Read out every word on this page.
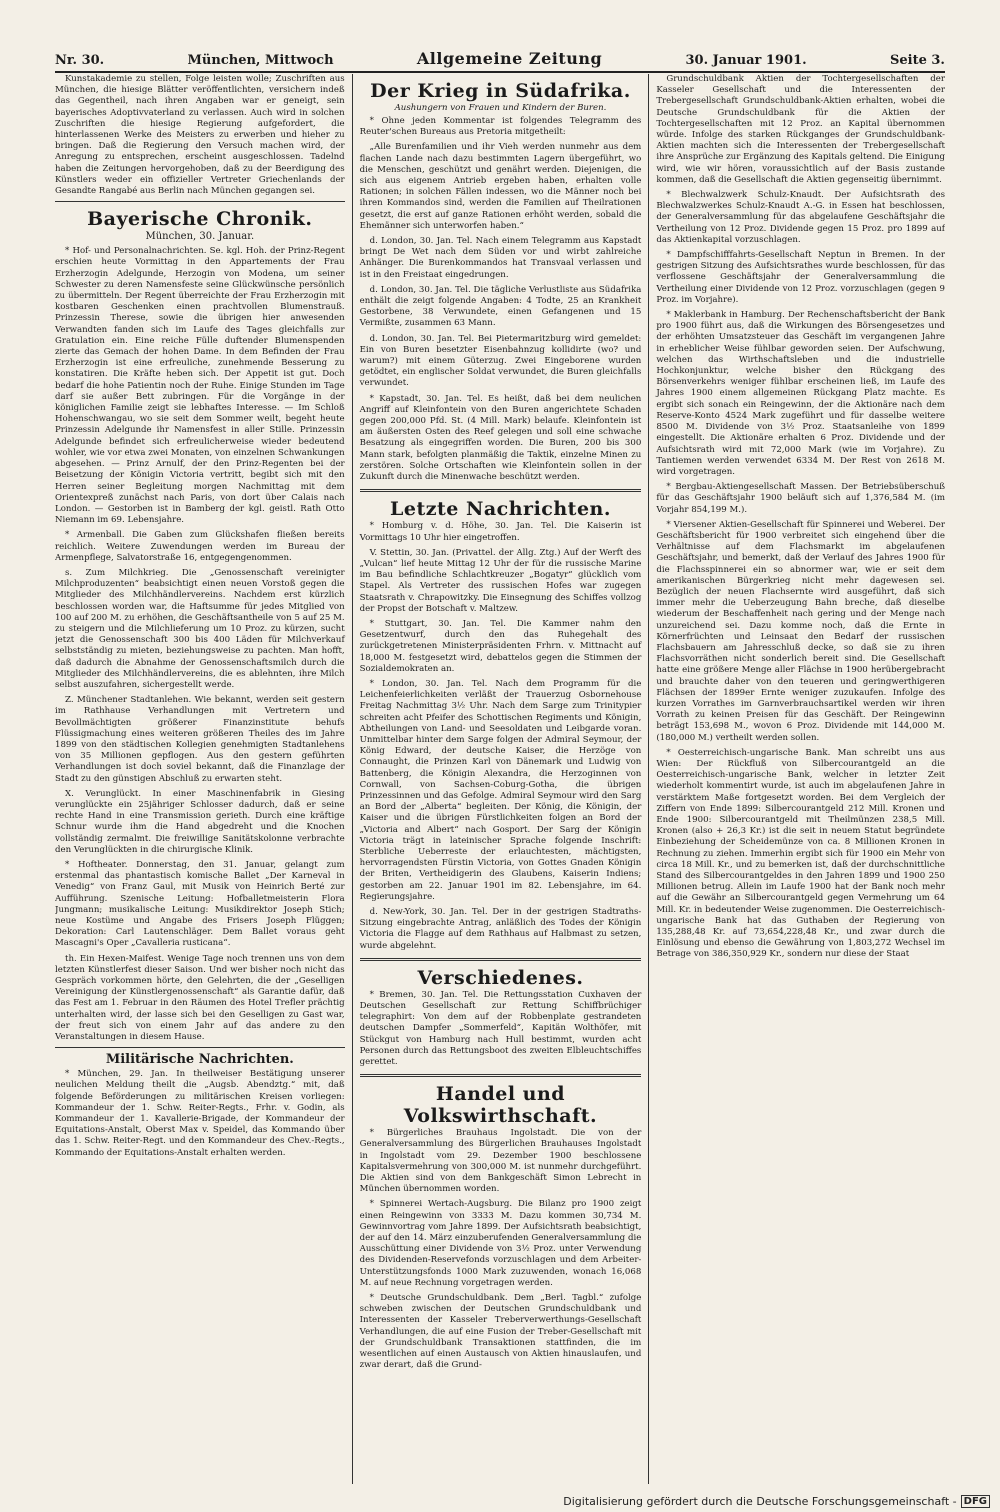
Nr. 30.	München, Mittwoch	Allgemeine Zeitung	30. Januar 1901.	Seite 3.

Kunstakademie zu stellen, Folge leisten wolle; Zuschriften aus München, die hiesige Blätter veröffentlichten, versichern indeß das Gegentheil, nach ihren Angaben war er geneigt, sein bayerisches Adoptivvaterland zu verlassen. Auch wird in solchen Zuschriften die hiesige Regierung aufgefordert, die hinterlassenen Werke des Meisters zu erwerben und hieher zu bringen. Daß die Regierung den Versuch machen wird, der Anregung zu entsprechen, erscheint ausgeschlossen. Tadelnd haben die Zeitungen hervorgehoben, daß zu der Beerdigung des Künstlers weder ein offizieller Vertreter Griechenlands der Gesandte Rangabé aus Berlin nach München gegangen sei.

Bayerische Chronik.
München, 30. Januar.

* Hof- und Personalnachrichten. Se. kgl. Hoh. der Prinz-Regent erschien heute Vormittag in den Appartements der Frau Erzherzogin Adelgunde, Herzogin von Modena, um seiner Schwester zu deren Namensfeste seine Glückwünsche persönlich zu übermitteln. Der Regent überreichte der Frau Erzherzogin mit kostbaren Geschenken einen prachtvollen Blumenstrauß. Prinzessin Therese, sowie die übrigen hier anwesenden Verwandten fanden sich im Laufe des Tages gleichfalls zur Gratulation ein. Eine reiche Fülle duftender Blumenspenden zierte das Gemach der hohen Dame. In dem Befinden der Frau Erzherzogin ist eine erfreuliche, zunehmende Besserung zu konstatiren. Die Kräfte heben sich. Der Appetit ist gut. Doch bedarf die hohe Patientin noch der Ruhe. Einige Stunden im Tage darf sie außer Bett zubringen. Für die Vorgänge in der königlichen Familie zeigt sie lebhaftes Interesse. — Im Schloß Hohenschwangau, wo sie seit dem Sommer weilt, begeht heute Prinzessin Adelgunde ihr Namensfest in aller Stille. Prinzessin Adelgunde befindet sich erfreulicherweise wieder bedeutend wohler, wie vor etwa zwei Monaten, von einzelnen Schwankungen abgesehen. — Prinz Arnulf, der den Prinz-Regenten bei der Beisetzung der Königin Victoria vertritt, begibt sich mit den Herren seiner Begleitung morgen Nachmittag mit dem Orientexpreß zunächst nach Paris, von dort über Calais nach London. — Gestorben ist in Bamberg der kgl. geistl. Rath Otto Niemann im 69. Lebensjahre.

* Armenball. Die Gaben zum Glückshafen fließen bereits reichlich. Weitere Zuwendungen werden im Bureau der Armenpflege, Salvatorstraße 16, entgegengenommen.

s. Zum Milchkrieg. Die „Genossenschaft vereinigter Milchproduzenten“ beabsichtigt einen neuen Vorstoß gegen die Mitglieder des Milchhändlervereins. Nachdem erst kürzlich beschlossen worden war, die Haftsumme für jedes Mitglied von 100 auf 200 M. zu erhöhen, die Geschäftsantheile von 5 auf 25 M. zu steigern und die Milchlieferung um 10 Proz. zu kürzen, sucht jetzt die Genossenschaft 300 bis 400 Läden für Milchverkauf selbstständig zu mieten, beziehungsweise zu pachten. Man hofft, daß dadurch die Abnahme der Genossenschaftsmilch durch die Mitglieder des Milchhändlervereins, die es ablehnten, ihre Milch selbst auszufahren, sichergestellt werde.

Z. Münchener Stadtanlehen. Wie bekannt, werden seit gestern im Rathhause Verhandlungen mit Vertretern und Bevollmächtigten größerer Finanzinstitute behufs Flüssigmachung eines weiteren größeren Theiles des im Jahre 1899 von den städtischen Kollegien genehmigten Stadtanlehens von 35 Millionen gepflogen. Aus den gestern geführten Verhandlungen ist doch soviel bekannt, daß die Finanzlage der Stadt zu den günstigen Abschluß zu erwarten steht.

X. Verunglückt. In einer Maschinenfabrik in Giesing verunglückte ein 25jähriger Schlosser dadurch, daß er seine rechte Hand in eine Transmission gerieth. Durch eine kräftige Schnur wurde ihm die Hand abgedreht und die Knochen vollständig zermalmt. Die freiwillige Sanitätskolonne verbrachte den Verunglückten in die chirurgische Klinik.

* Hoftheater. Donnerstag, den 31. Januar, gelangt zum erstenmal das phantastisch komische Ballet „Der Karneval in Venedig“ von Franz Gaul, mit Musik von Heinrich Berté zur Aufführung. Szenische Leitung: Hofballetmeisterin Flora Jungmann; musikalische Leitung: Musikdirektor Joseph Stich; neue Kostüme und Angabe des Frisers Joseph Flüggen; Dekoration: Carl Lautenschläger. Dem Ballet voraus geht Mascagni's Oper „Cavalleria rusticana“.

th. Ein Hexen-Maifest. Wenige Tage noch trennen uns von dem letzten Künstlerfest dieser Saison. Und wer bisher noch nicht das Gespräch vorkommen hörte, den Gelehrten, die der „Geselligen Vereinigung der Künstlergenossenschaft“ als Garantie dafür, daß das Fest am 1. Februar in den Räumen des Hotel Trefler prächtig unterhalten wird, der lasse sich bei den Geselligen zu Gast war, der freut sich von einem Jahr auf das andere zu den Veranstaltungen in diesem Hause.

Militärische Nachrichten.

* München, 29. Jan. In theilweiser Bestätigung unserer neulichen Meldung theilt die „Augsb. Abendztg.“ mit, daß folgende Beförderungen zu militärischen Kreisen vorliegen: Kommandeur der 1. Schw. Reiter-Regts., Frhr. v. Godin, als Kommandeur der 1. Kavallerie-Brigade, der Kommandeur der Equitations-Anstalt, Oberst Max v. Speidel, das Kommando über das 1. Schw. Reiter-Regt. und den Kommandeur des Chev.-Regts., Kommando der Equitations-Anstalt erhalten werden.

Der Krieg in Südafrika.
Aushungern von Frauen und Kindern der Buren.

* Ohne jeden Kommentar ist folgendes Telegramm des Reuter'schen Bureaus aus Pretoria mitgetheilt:

„Alle Burenfamilien und ihr Vieh werden nunmehr aus dem flachen Lande nach dazu bestimmten Lagern übergeführt, wo die Menschen, geschützt und genährt werden. Diejenigen, die sich aus eigenem Antrieb ergeben haben, erhalten volle Rationen; in solchen Fällen indessen, wo die Männer noch bei ihren Kommandos sind, werden die Familien auf Theilrationen gesetzt, die erst auf ganze Rationen erhöht werden, sobald die Ehemänner sich unterworfen haben.“

d. London, 30. Jan. Tel. Nach einem Telegramm aus Kapstadt bringt De Wet nach dem Süden vor und wirbt zahlreiche Anhänger. Die Burenkommandos hat Transvaal verlassen und ist in den Freistaat eingedrungen.

d. London, 30. Jan. Tel. Die tägliche Verlustliste aus Südafrika enthält die zeigt folgende Angaben: 4 Todte, 25 an Krankheit Gestorbene, 38 Verwundete, einen Gefangenen und 15 Vermißte, zusammen 63 Mann.

d. London, 30. Jan. Tel. Bei Pietermaritzburg wird gemeldet: Ein von Buren besetzter Eisenbahnzug kollidirte (wo? und warum?) mit einem Güterzug. Zwei Eingeborene wurden getödtet, ein englischer Soldat verwundet, die Buren gleichfalls verwundet.

* Kapstadt, 30. Jan. Tel. Es heißt, daß bei dem neulichen Angriff auf Kleinfontein von den Buren angerichtete Schaden gegen 200,000 Pfd. St. (4 Mill. Mark) belaufe. Kleinfontein ist am äußersten Osten des Reef gelegen und soll eine schwache Besatzung als eingegriffen worden. Die Buren, 200 bis 300 Mann stark, befolgten planmäßig die Taktik, einzelne Minen zu zerstören. Solche Ortschaften wie Kleinfontein sollen in der Zukunft durch die Minenwache beschützt werden.

Letzte Nachrichten.

* Homburg v. d. Höhe, 30. Jan. Tel. Die Kaiserin ist Vormittags 10 Uhr hier eingetroffen.

V. Stettin, 30. Jan. (Privattel. der Allg. Ztg.) Auf der Werft des „Vulcan“ lief heute Mittag 12 Uhr der für die russische Marine im Bau befindliche Schlachtkreuzer „Bogatyr“ glücklich vom Stapel. Als Vertreter des russischen Hofes war zugegen Staatsrath v. Chrapowitzky. Die Einsegnung des Schiffes vollzog der Propst der Botschaft v. Maltzew.

* Stuttgart, 30. Jan. Tel. Die Kammer nahm den Gesetzentwurf, durch den das Ruhegehalt des zurückgetretenen Ministerpräsidenten Frhrn. v. Mittnacht auf 18,000 M. festgesetzt wird, debattelos gegen die Stimmen der Sozialdemokraten an.

* London, 30. Jan. Tel. Nach dem Programm für die Leichenfeierlichkeiten verläßt der Trauerzug Osbornehouse Freitag Nachmittag 3½ Uhr. Nach dem Sarge zum Trinitypier schreiten acht Pfeifer des Schottischen Regiments und Königin, Abtheilungen von Land- und Seesoldaten und Leibgarde voran. Unmittelbar hinter dem Sarge folgen der Admiral Seymour, der König Edward, der deutsche Kaiser, die Herzöge von Connaught, die Prinzen Karl von Dänemark und Ludwig von Battenberg, die Königin Alexandra, die Herzoginnen von Cornwall, von Sachsen-Coburg-Gotha, die übrigen Prinzessinnen und das Gefolge. Admiral Seymour wird den Sarg an Bord der „Alberta“ begleiten. Der König, die Königin, der Kaiser und die übrigen Fürstlichkeiten folgen an Bord der „Victoria and Albert“ nach Gosport. Der Sarg der Königin Victoria trägt in lateinischer Sprache folgende Inschrift: Sterbliche Ueberreste der erlauchtesten, mächtigsten, hervorragendsten Fürstin Victoria, von Gottes Gnaden Königin der Briten, Vertheidigerin des Glaubens, Kaiserin Indiens; gestorben am 22. Januar 1901 im 82. Lebensjahre, im 64. Regierungsjahre.

d. New-York, 30. Jan. Tel. Der in der gestrigen Stadtraths-Sitzung eingebrachte Antrag, anläßlich des Todes der Königin Victoria die Flagge auf dem Rathhaus auf Halbmast zu setzen, wurde abgelehnt.

Verschiedenes.

* Bremen, 30. Jan. Tel. Die Rettungsstation Cuxhaven der Deutschen Gesellschaft zur Rettung Schiffbrüchiger telegraphirt: Von dem auf der Robbenplate gestrandeten deutschen Dampfer „Sommerfeld“, Kapitän Wolthöfer, mit Stückgut von Hamburg nach Hull bestimmt, wurden acht Personen durch das Rettungsboot des zweiten Elbleuchtschiffes gerettet.

Handel und Volkswirthschaft.

* Bürgerliches Brauhaus Ingolstadt. Die von der Generalversammlung des Bürgerlichen Brauhauses Ingolstadt in Ingolstadt vom 29. Dezember 1900 beschlossene Kapitalsvermehrung von 300,000 M. ist nunmehr durchgeführt. Die Aktien sind von dem Bankgeschäft Simon Lebrecht in München übernommen worden.

* Spinnerei Wertach-Augsburg. Die Bilanz pro 1900 zeigt einen Reingewinn von 3333 M. Dazu kommen 30,734 M. Gewinnvortrag vom Jahre 1899. Der Aufsichtsrath beabsichtigt, der auf den 14. März einzuberufenden Generalversammlung die Ausschüttung einer Dividende von 3½ Proz. unter Verwendung des Dividenden-Reservefonds vorzuschlagen und dem Arbeiter-Unterstützungsfonds 1000 Mark zuzuwenden, wonach 16,068 M. auf neue Rechnung vorgetragen werden.

* Deutsche Grundschuldbank. Dem „Berl. Tagbl.“ zufolge schweben zwischen der Deutschen Grundschuldbank und Interessenten der Kasseler Treberverwerthungs-Gesellschaft Verhandlungen, die auf eine Fusion der Treber-Gesellschaft mit der Grundschuldbank Transaktionen stattfinden, die im wesentlichen auf einen Austausch von Aktien hinauslaufen, und zwar derart, daß die Grund-

Grundschuldbank Aktien der Tochtergesellschaften der Kasseler Gesellschaft und die Interessenten der Trebergesellschaft Grundschuldbank-Aktien erhalten, wobei die Deutsche Grundschuldbank für die Aktien der Tochtergesellschaften mit 12 Proz. an Kapital übernommen würde. Infolge des starken Rückganges der Grundschuldbank-Aktien machten sich die Interessenten der Trebergesellschaft ihre Ansprüche zur Ergänzung des Kapitals geltend. Die Einigung wird, wie wir hören, voraussichtlich auf der Basis zustande kommen, daß die Gesellschaft die Aktien gegenseitig übernimmt.

* Blechwalzwerk Schulz-Knaudt. Der Aufsichtsrath des Blechwalzwerkes Schulz-Knaudt A.-G. in Essen hat beschlossen, der Generalversammlung für das abgelaufene Geschäftsjahr die Vertheilung von 12 Proz. Dividende gegen 15 Proz. pro 1899 auf das Aktienkapital vorzuschlagen.

* Dampfschifffahrts-Gesellschaft Neptun in Bremen. In der gestrigen Sitzung des Aufsichtsrathes wurde beschlossen, für das verflossene Geschäftsjahr der Generalversammlung die Vertheilung einer Dividende von 12 Proz. vorzuschlagen (gegen 9 Proz. im Vorjahre).

* Maklerbank in Hamburg. Der Rechenschaftsbericht der Bank pro 1900 führt aus, daß die Wirkungen des Börsengesetzes und der erhöhten Umsatzsteuer das Geschäft im vergangenen Jahre in erheblicher Weise fühlbar geworden seien. Der Aufschwung, welchen das Wirthschaftsleben und die industrielle Hochkonjunktur, welche bisher den Rückgang des Börsenverkehrs weniger fühlbar erscheinen ließ, im Laufe des Jahres 1900 einem allgemeinen Rückgang Platz machte. Es ergibt sich sonach ein Reingewinn, der die Aktionäre nach dem Reserve-Konto 4524 Mark zugeführt und für dasselbe weitere 8500 M. Dividende von 3½ Proz. Staatsanleihe von 1899 eingestellt. Die Aktionäre erhalten 6 Proz. Dividende und der Aufsichtsrath wird mit 72,000 Mark (wie im Vorjahre). Zu Tantiemen werden verwendet 6334 M. Der Rest von 2618 M. wird vorgetragen.

* Bergbau-Aktiengesellschaft Massen. Der Betriebsüberschuß für das Geschäftsjahr 1900 beläuft sich auf 1,376,584 M. (im Vorjahr 854,199 M.).

* Viersener Aktien-Gesellschaft für Spinnerei und Weberei. Der Geschäftsbericht für 1900 verbreitet sich eingehend über die Verhältnisse auf dem Flachsmarkt im abgelaufenen Geschäftsjahr, und bemerkt, daß der Verlauf des Jahres 1900 für die Flachsspinnerei ein so abnormer war, wie er seit dem amerikanischen Bürgerkrieg nicht mehr dagewesen sei. Bezüglich der neuen Flachsernte wird ausgeführt, daß sich immer mehr die Ueberzeugung Bahn breche, daß dieselbe wiederum der Beschaffenheit nach gering und der Menge nach unzureichend sei. Dazu komme noch, daß die Ernte in Körnerfrüchten und Leinsaat den Bedarf der russischen Flachsbauern am Jahresschluß decke, so daß sie zu ihren Flachsvorräthen nicht sonderlich bereit sind. Die Gesellschaft hatte eine größere Menge aller Flächse in 1900 herübergebracht und brauchte daher von den teueren und geringwerthigeren Flächsen der 1899er Ernte weniger zuzukaufen. Infolge des kurzen Vorrathes im Garnverbrauchsartikel werden wir ihren Vorrath zu keinen Preisen für das Geschäft. Der Reingewinn beträgt 153,698 M., wovon 6 Proz. Dividende mit 144,000 M. (180,000 M.) vertheilt werden sollen.

* Oesterreichisch-ungarische Bank. Man schreibt uns aus Wien: Der Rückfluß von Silbercourantgeld an die Oesterreichisch-ungarische Bank, welcher in letzter Zeit wiederholt kommentirt wurde, ist auch im abgelaufenen Jahre in verstärktem Maße fortgesetzt worden. Bei dem Vergleich der Ziffern von Ende 1899: Silbercourantgeld 212 Mill. Kronen und Ende 1900: Silbercourantgeld mit Theilmünzen 238,5 Mill. Kronen (also + 26,3 Kr.) ist die seit in neuem Statut begründete Einbeziehung der Scheidemünze von ca. 8 Millionen Kronen in Rechnung zu ziehen. Immerhin ergibt sich für 1900 ein Mehr von circa 18 Mill. Kr., und zu bemerken ist, daß der durchschnittliche Stand des Silbercourantgeldes in den Jahren 1899 und 1900 250 Millionen betrug. Allein im Laufe 1900 hat der Bank noch mehr auf die Gewähr an Silbercourantgeld gegen Vermehrung um 64 Mill. Kr. in bedeutender Weise zugenommen. Die Oesterreichisch-ungarische Bank hat das Guthaben der Regierung von 135,288,48 Kr. auf 73,654,228,48 Kr., und zwar durch die Einlösung und ebenso die Gewährung von 1,803,272 Wechsel im Betrage von 386,350,929 Kr., sondern nur diese der Staat

Digitalisierung gefördert durch die Deutsche Forschungsgemeinschaft - DFG
